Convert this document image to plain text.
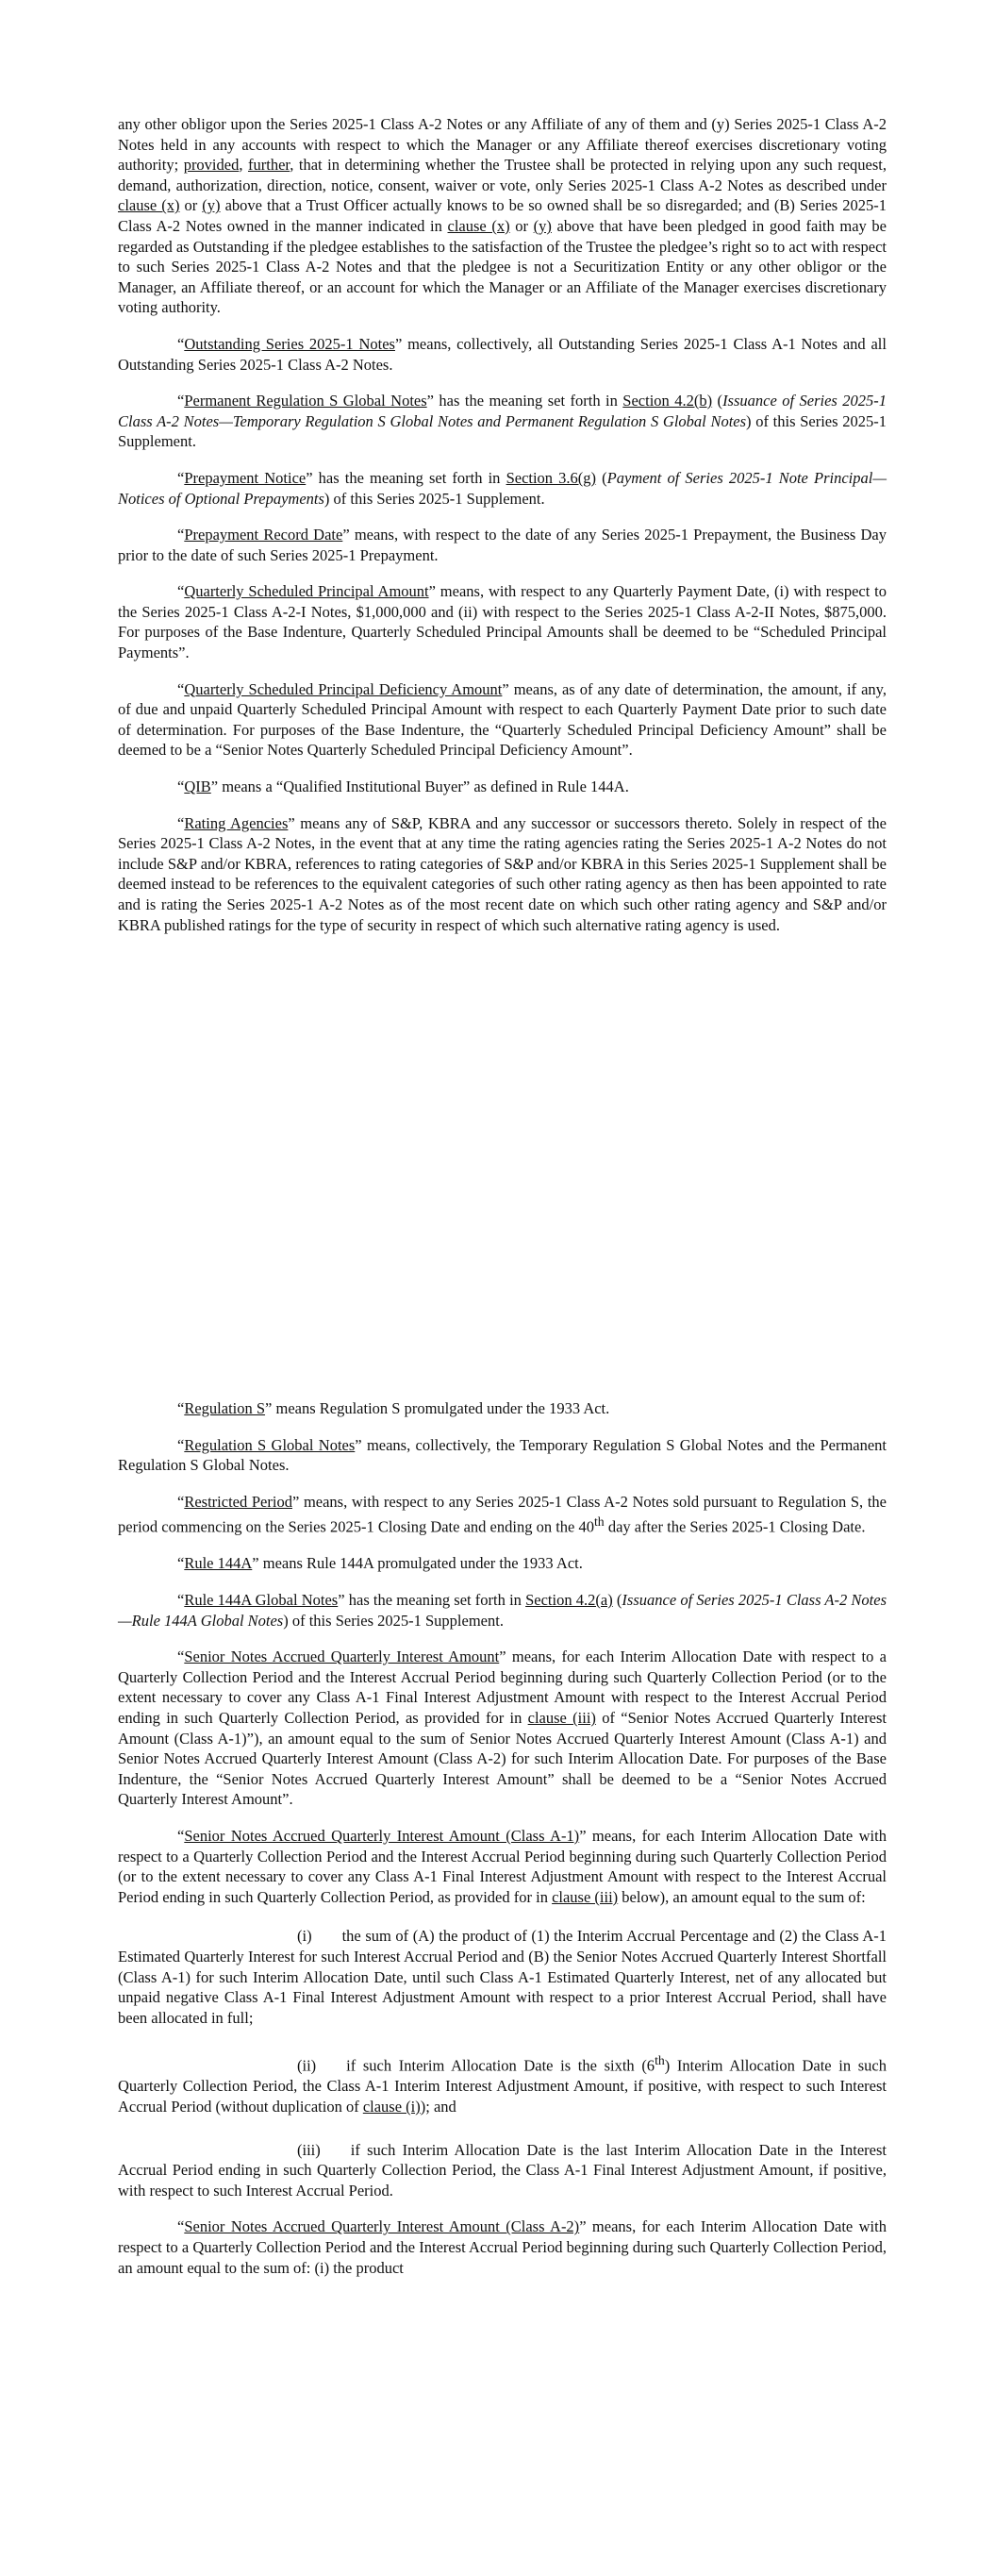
any other obligor upon the Series 2025-1 Class A-2 Notes or any Affiliate of any of them and (y) Series 2025-1 Class A-2 Notes held in any accounts with respect to which the Manager or any Affiliate thereof exercises discretionary voting authority; provided, further, that in determining whether the Trustee shall be protected in relying upon any such request, demand, authorization, direction, notice, consent, waiver or vote, only Series 2025-1 Class A-2 Notes as described under clause (x) or (y) above that a Trust Officer actually knows to be so owned shall be so disregarded; and (B) Series 2025-1 Class A-2 Notes owned in the manner indicated in clause (x) or (y) above that have been pledged in good faith may be regarded as Outstanding if the pledgee establishes to the satisfaction of the Trustee the pledgee’s right so to act with respect to such Series 2025-1 Class A-2 Notes and that the pledgee is not a Securitization Entity or any other obligor or the Manager, an Affiliate thereof, or an account for which the Manager or an Affiliate of the Manager exercises discretionary voting authority.

“Outstanding Series 2025-1 Notes” means, collectively, all Outstanding Series 2025-1 Class A-1 Notes and all Outstanding Series 2025-1 Class A-2 Notes.

“Permanent Regulation S Global Notes” has the meaning set forth in Section 4.2(b) (Issuance of Series 2025-1 Class A-2 Notes—Temporary Regulation S Global Notes and Permanent Regulation S Global Notes) of this Series 2025-1 Supplement.

“Prepayment Notice” has the meaning set forth in Section 3.6(g) (Payment of Series 2025-1 Note Principal—Notices of Optional Prepayments) of this Series 2025-1 Supplement.

“Prepayment Record Date” means, with respect to the date of any Series 2025-1 Prepayment, the Business Day prior to the date of such Series 2025-1 Prepayment.

“Quarterly Scheduled Principal Amount” means, with respect to any Quarterly Payment Date, (i) with respect to the Series 2025-1 Class A-2-I Notes, $1,000,000 and (ii) with respect to the Series 2025-1 Class A-2-II Notes, $875,000. For purposes of the Base Indenture, Quarterly Scheduled Principal Amounts shall be deemed to be “Scheduled Principal Payments”.

“Quarterly Scheduled Principal Deficiency Amount” means, as of any date of determination, the amount, if any, of due and unpaid Quarterly Scheduled Principal Amount with respect to each Quarterly Payment Date prior to such date of determination. For purposes of the Base Indenture, the “Quarterly Scheduled Principal Deficiency Amount” shall be deemed to be a “Senior Notes Quarterly Scheduled Principal Deficiency Amount”.

“QIB” means a “Qualified Institutional Buyer” as defined in Rule 144A.

“Rating Agencies” means any of S&P, KBRA and any successor or successors thereto. Solely in respect of the Series 2025-1 Class A-2 Notes, in the event that at any time the rating agencies rating the Series 2025-1 A-2 Notes do not include S&P and/or KBRA, references to rating categories of S&P and/or KBRA in this Series 2025-1 Supplement shall be deemed instead to be references to the equivalent categories of such other rating agency as then has been appointed to rate and is rating the Series 2025-1 A-2 Notes as of the most recent date on which such other rating agency and S&P and/or KBRA published ratings for the type of security in respect of which such alternative rating agency is used.

“Regulation S” means Regulation S promulgated under the 1933 Act.

“Regulation S Global Notes” means, collectively, the Temporary Regulation S Global Notes and the Permanent Regulation S Global Notes.

“Restricted Period” means, with respect to any Series 2025-1 Class A-2 Notes sold pursuant to Regulation S, the period commencing on the Series 2025-1 Closing Date and ending on the 40th day after the Series 2025-1 Closing Date.

“Rule 144A” means Rule 144A promulgated under the 1933 Act.

“Rule 144A Global Notes” has the meaning set forth in Section 4.2(a) (Issuance of Series 2025-1 Class A-2 Notes—Rule 144A Global Notes) of this Series 2025-1 Supplement.

“Senior Notes Accrued Quarterly Interest Amount” means, for each Interim Allocation Date with respect to a Quarterly Collection Period and the Interest Accrual Period beginning during such Quarterly Collection Period (or to the extent necessary to cover any Class A-1 Final Interest Adjustment Amount with respect to the Interest Accrual Period ending in such Quarterly Collection Period, as provided for in clause (iii) of “Senior Notes Accrued Quarterly Interest Amount (Class A-1)”), an amount equal to the sum of Senior Notes Accrued Quarterly Interest Amount (Class A-1) and Senior Notes Accrued Quarterly Interest Amount (Class A-2) for such Interim Allocation Date. For purposes of the Base Indenture, the “Senior Notes Accrued Quarterly Interest Amount” shall be deemed to be a “Senior Notes Accrued Quarterly Interest Amount”.

“Senior Notes Accrued Quarterly Interest Amount (Class A-1)” means, for each Interim Allocation Date with respect to a Quarterly Collection Period and the Interest Accrual Period beginning during such Quarterly Collection Period (or to the extent necessary to cover any Class A-1 Final Interest Adjustment Amount with respect to the Interest Accrual Period ending in such Quarterly Collection Period, as provided for in clause (iii) below), an amount equal to the sum of:

(i) the sum of (A) the product of (1) the Interim Accrual Percentage and (2) the Class A-1 Estimated Quarterly Interest for such Interest Accrual Period and (B) the Senior Notes Accrued Quarterly Interest Shortfall (Class A-1) for such Interim Allocation Date, until such Class A-1 Estimated Quarterly Interest, net of any allocated but unpaid negative Class A-1 Final Interest Adjustment Amount with respect to a prior Interest Accrual Period, shall have been allocated in full;

(ii) if such Interim Allocation Date is the sixth (6th) Interim Allocation Date in such Quarterly Collection Period, the Class A-1 Interim Interest Adjustment Amount, if positive, with respect to such Interest Accrual Period (without duplication of clause (i)); and

(iii) if such Interim Allocation Date is the last Interim Allocation Date in the Interest Accrual Period ending in such Quarterly Collection Period, the Class A-1 Final Interest Adjustment Amount, if positive, with respect to such Interest Accrual Period.

“Senior Notes Accrued Quarterly Interest Amount (Class A-2)” means, for each Interim Allocation Date with respect to a Quarterly Collection Period and the Interest Accrual Period beginning during such Quarterly Collection Period, an amount equal to the sum of: (i) the product
